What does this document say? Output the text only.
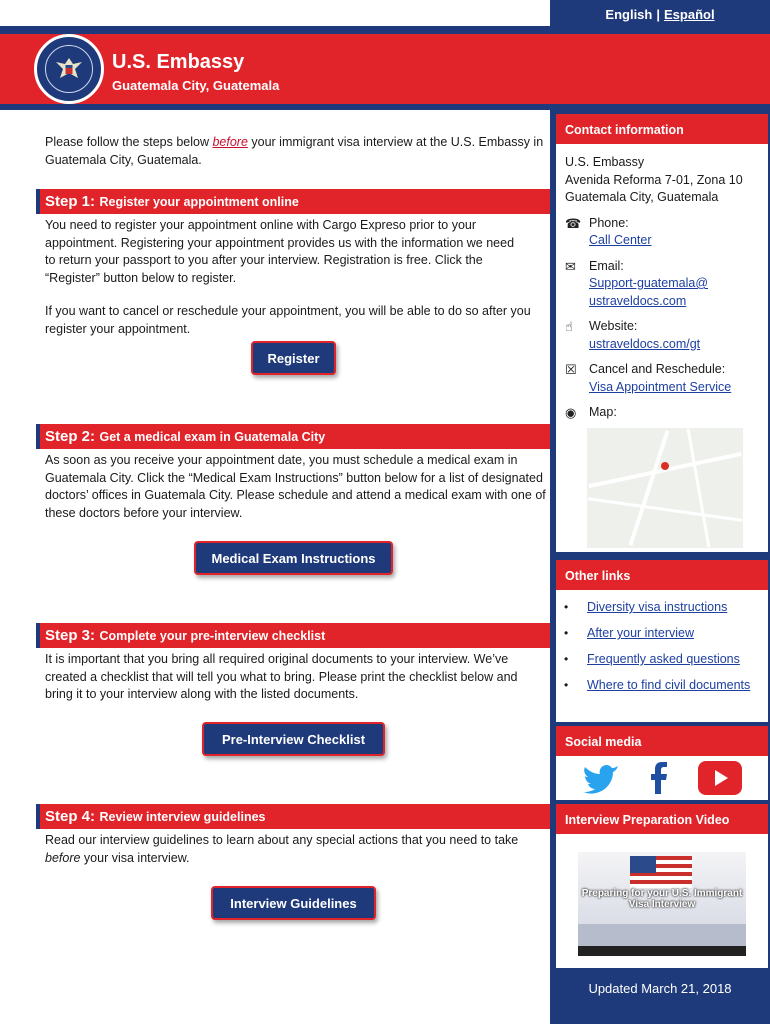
English | Español
U.S. Embassy
Guatemala City, Guatemala
Please follow the steps below before your immigrant visa interview at the U.S. Embassy in Guatemala City, Guatemala.
Step 1: Register your appointment online

You need to register your appointment online with Cargo Expreso prior to your appointment. Registering your appointment provides us with the information we need to return your passport to you after your interview. Registration is free. Click the “Register” button below to register.

If you want to cancel or reschedule your appointment, you will be able to do so after you register your appointment.

Register
Step 2: Get a medical exam in Guatemala City

As soon as you receive your appointment date, you must schedule a medical exam in Guatemala City. Click the “Medical Exam Instructions” button below for a list of designated doctors’ offices in Guatemala City. Please schedule and attend a medical exam with one of these doctors before your interview.

Medical Exam Instructions
Step 3: Complete your pre-interview checklist

It is important that you bring all required original documents to your interview. We’ve created a checklist that will tell you what to bring. Please print the checklist below and bring it to your interview along with the listed documents.

Pre-Interview Checklist
Step 4: Review interview guidelines
Read our interview guidelines to learn about any special actions that you need to take before your visa interview.
Interview Guidelines
Contact information
U.S. Embassy
Avenida Reforma 7-01, Zona 10
Guatemala City, Guatemala
☎ Phone:
Call Center
✉	Email:
Support-guatemala@
ustraveldocs.com
☝	Website:
ustraveldocs.com/gt
☒ Cancel and Reschedule:
Visa Appointment Service
◉	Map:
Other links
•	Diversity visa instructions
•	After your interview
•	Frequently asked questions
•	Where to find civil documents
Social media
Interview Preparation Video
Preparing for your U.S. Immigrant Visa Interview
Updated March 21, 2018
